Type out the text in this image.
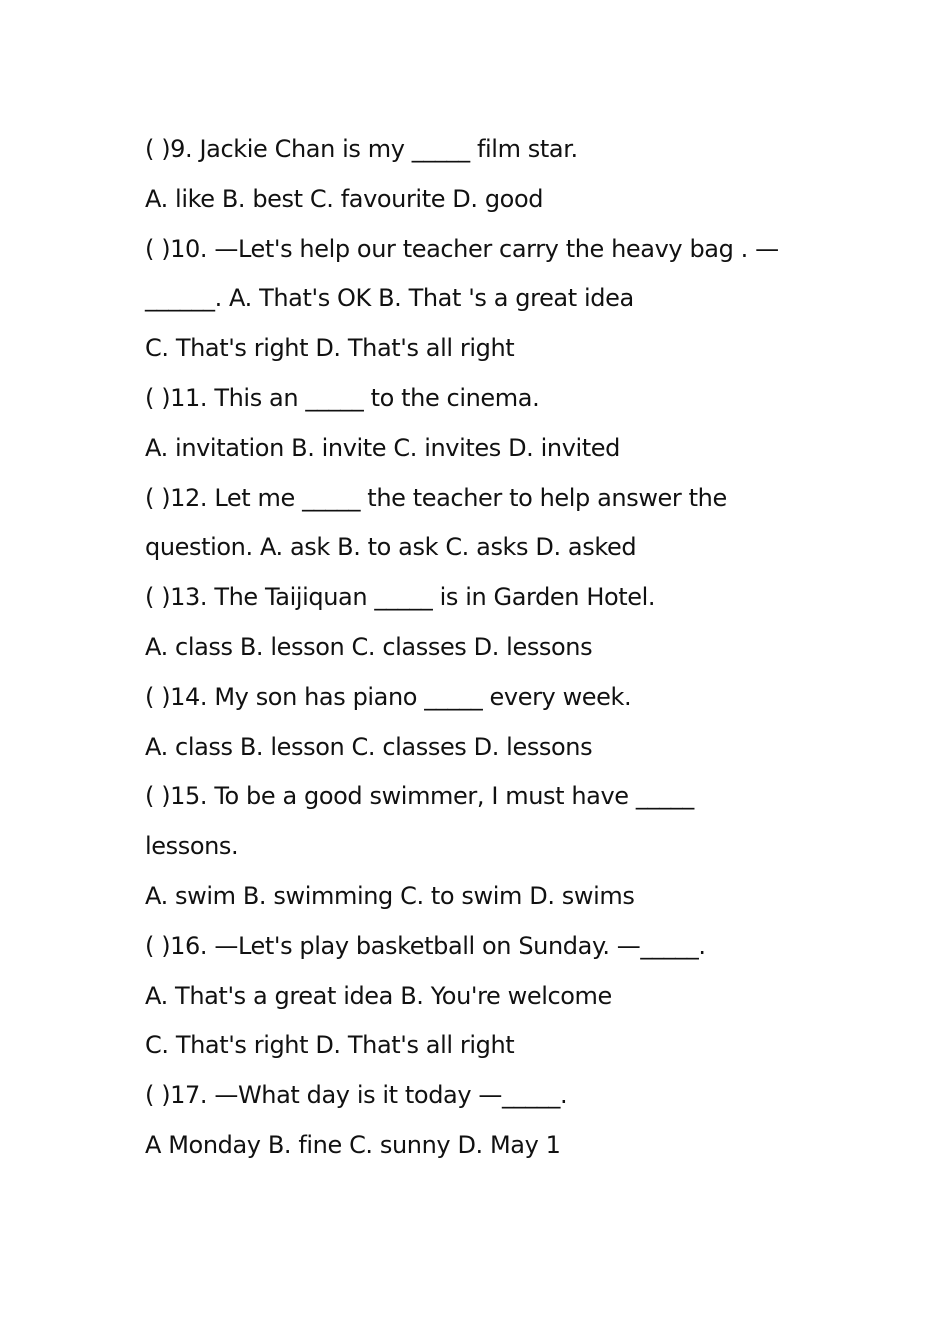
( )9. Jackie Chan is my _____ film star.
A. like B. best C. favourite D. good
( )10. —Let's help our teacher carry the heavy bag . —
______. A. That's OK B. That 's a great idea
C. That's right D. That's all right
( )11. This an _____ to the cinema.
A. invitation B. invite C. invites D. invited
( )12. Let me _____ the teacher to help answer the
question. A. ask B. to ask C. asks D. asked
( )13. The Taijiquan _____ is in Garden Hotel.
A. class B. lesson C. classes D. lessons
( )14. My son has piano _____ every week.
A. class B. lesson C. classes D. lessons
( )15. To be a good swimmer, I must have _____
lessons.
A. swim B. swimming C. to swim D. swims
( )16. —Let's play basketball on Sunday. —_____.
A. That's a great idea B. You're welcome
C. That's right D. That's all right
( )17. —What day is it today —_____.
A Monday B. fine C. sunny D. May 1
